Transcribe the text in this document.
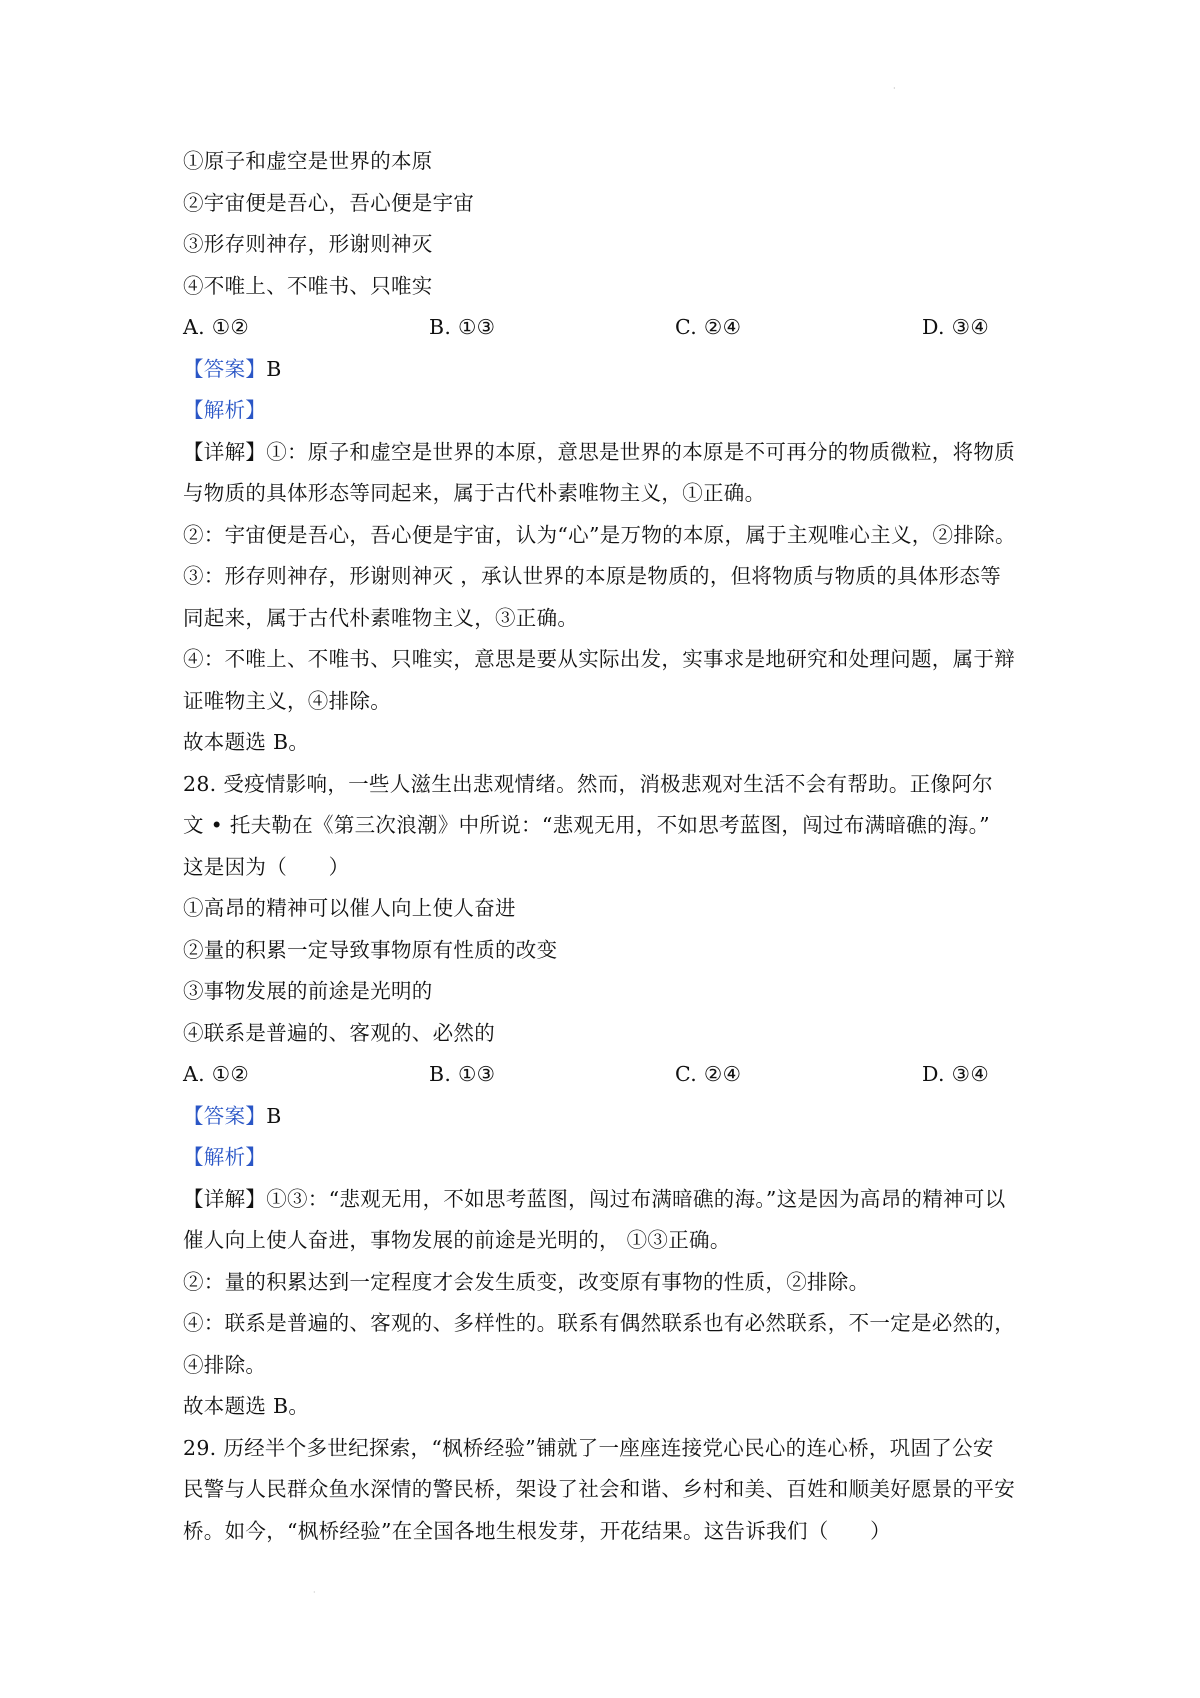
·
①原子和虚空是世界的本原
②宇宙便是吾心，吾心便是宇宙
③形存则神存，形谢则神灭
④不唯上、不唯书、只唯实
A. ①②	B. ①③	C. ②④	D. ③④
【答案】B
【解析】
【详解】①：原子和虚空是世界的本原，意思是世界的本原是不可再分的物质微粒，将物质
与物质的具体形态等同起来，属于古代朴素唯物主义，①正确。
②：宇宙便是吾心，吾心便是宇宙，认为“心”是万物的本原，属于主观唯心主义，②排除。
③：形存则神存，形谢则神灭 ，承认世界的本原是物质的，但将物质与物质的具体形态等
同起来，属于古代朴素唯物主义，③正确。
④：不唯上、不唯书、只唯实，意思是要从实际出发，实事求是地研究和处理问题，属于辩
证唯物主义，④排除。
故本题选 B。
28. 受疫情影响，一些人滋生出悲观情绪。然而，消极悲观对生活不会有帮助。正像阿尔
文 • 托夫勒在《第三次浪潮》中所说：“悲观无用，不如思考蓝图，闯过布满暗礁的海。”
这是因为（　　）
①高昂的精神可以催人向上使人奋进
②量的积累一定导致事物原有性质的改变
③事物发展的前途是光明的
④联系是普遍的、客观的、必然的
A. ①②	B. ①③	C. ②④	D. ③④
【答案】B
【解析】
【详解】①③：“悲观无用，不如思考蓝图，闯过布满暗礁的海。”这是因为高昂的精神可以
催人向上使人奋进，事物发展的前途是光明的， ①③正确。
②：量的积累达到一定程度才会发生质变，改变原有事物的性质，②排除。
④：联系是普遍的、客观的、多样性的。联系有偶然联系也有必然联系，不一定是必然的，
④排除。
故本题选 B。
29. 历经半个多世纪探索，“枫桥经验”铺就了一座座连接党心民心的连心桥，巩固了公安
民警与人民群众鱼水深情的警民桥，架设了社会和谐、乡村和美、百姓和顺美好愿景的平安
桥。如今，“枫桥经验”在全国各地生根发芽，开花结果。这告诉我们（　　）
·
